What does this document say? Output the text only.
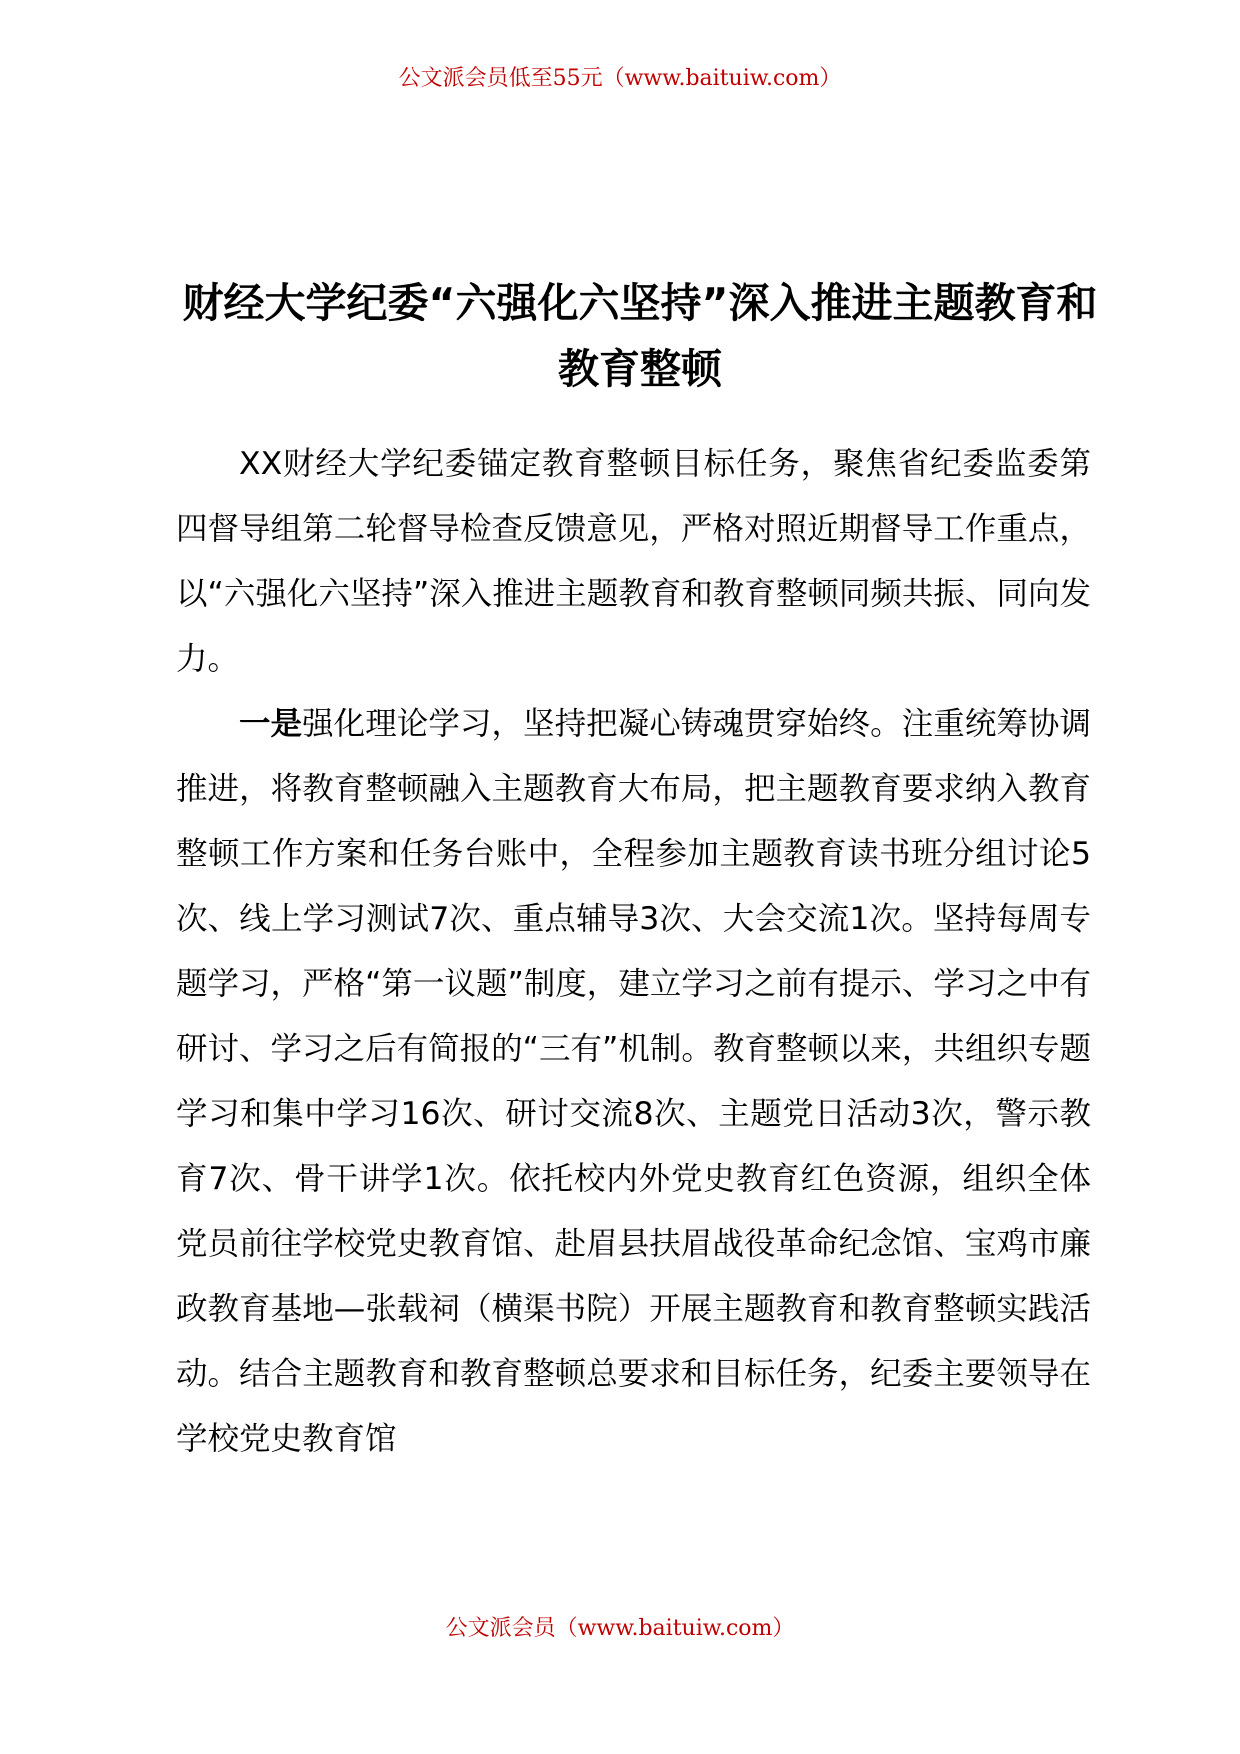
公文派会员低至55元（www.baituiw.com）
财经大学纪委“六强化六坚持”深入推进主题教育和教育整顿

XX财经大学纪委锚定教育整顿目标任务，聚焦省纪委监委第四督导组第二轮督导检查反馈意见，严格对照近期督导工作重点，以“六强化六坚持”深入推进主题教育和教育整顿同频共振、同向发力。

一是强化理论学习，坚持把凝心铸魂贯穿始终。注重统筹协调推进，将教育整顿融入主题教育大布局，把主题教育要求纳入教育整顿工作方案和任务台账中，全程参加主题教育读书班分组讨论5次、线上学习测试7次、重点辅导3次、大会交流1次。坚持每周专题学习，严格“第一议题”制度，建立学习之前有提示、学习之中有研讨、学习之后有简报的“三有”机制。教育整顿以来，共组织专题学习和集中学习16次、研讨交流8次、主题党日活动3次，警示教育7次、骨干讲学1次。依托校内外党史教育红色资源，组织全体党员前往学校党史教育馆、赴眉县扶眉战役革命纪念馆、宝鸡市廉政教育基地—张载祠（横渠书院）开展主题教育和教育整顿实践活动。结合主题教育和教育整顿总要求和目标任务，纪委主要领导在学校党史教育馆

公文派会员（www.baituiw.com）
